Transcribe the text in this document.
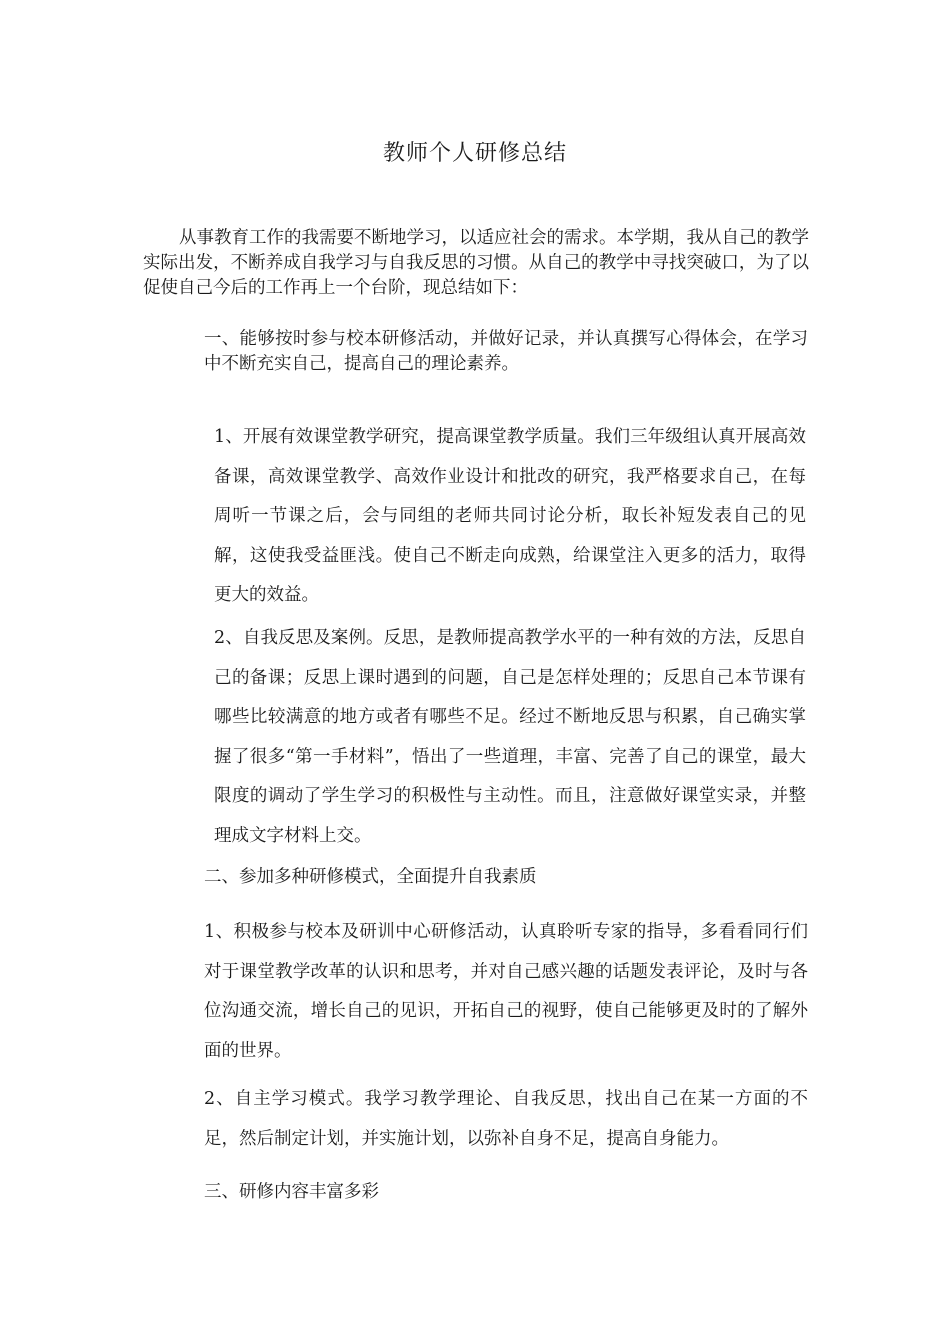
教师个人研修总结
从事教育工作的我需要不断地学习，以适应社会的需求。本学期，我从自己的教学实际出发，不断养成自我学习与自我反思的习惯。从自己的教学中寻找突破口，为了以促使自己今后的工作再上一个台阶，现总结如下：
一、能够按时参与校本研修活动，并做好记录，并认真撰写心得体会，在学习中不断充实自己，提高自己的理论素养。
1、开展有效课堂教学研究，提高课堂教学质量。我们三年级组认真开展高效备课，高效课堂教学、高效作业设计和批改的研究，我严格要求自己，在每周听一节课之后，会与同组的老师共同讨论分析，取长补短发表自己的见解，这使我受益匪浅。使自己不断走向成熟，给课堂注入更多的活力，取得更大的效益。
2、自我反思及案例。反思，是教师提高教学水平的一种有效的方法，反思自己的备课；反思上课时遇到的问题，自己是怎样处理的；反思自己本节课有哪些比较满意的地方或者有哪些不足。经过不断地反思与积累，自己确实掌握了很多“第一手材料”，悟出了一些道理，丰富、完善了自己的课堂，最大限度的调动了学生学习的积极性与主动性。而且，注意做好课堂实录，并整理成文字材料上交。
二、参加多种研修模式，全面提升自我素质
1、积极参与校本及研训中心研修活动，认真聆听专家的指导，多看看同行们对于课堂教学改革的认识和思考，并对自己感兴趣的话题发表评论，及时与各位沟通交流，增长自己的见识，开拓自己的视野，使自己能够更及时的了解外面的世界。
2、自主学习模式。我学习教学理论、自我反思，找出自己在某一方面的不足，然后制定计划，并实施计划，以弥补自身不足，提高自身能力。
三、研修内容丰富多彩
